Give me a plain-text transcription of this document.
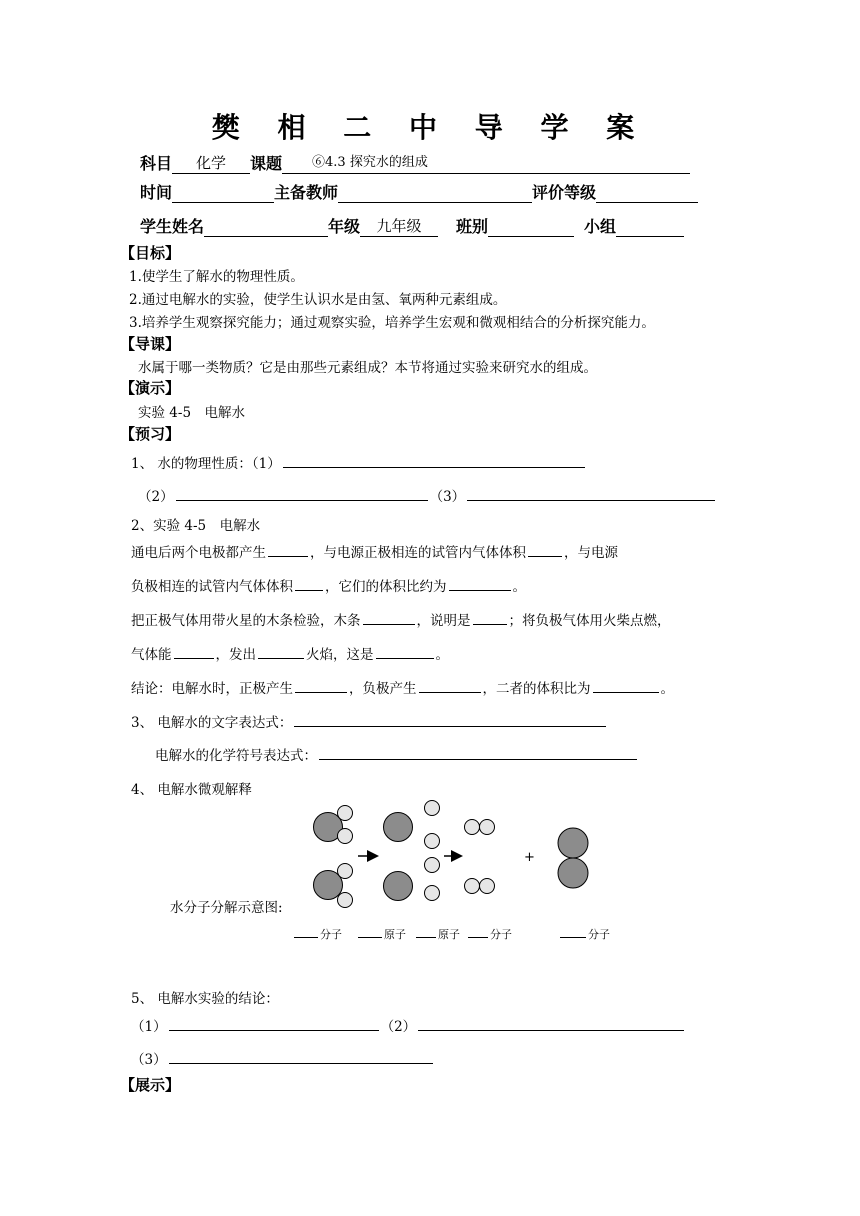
樊 相 二 中 导 学 案
科目 化学 课题 ⑥4.3 探究水的组成
时间	主备教师	评价等级
学生姓名	年级 九年级 班别	小组
【目标】
1.使学生了解水的物理性质。
2.通过电解水的实验，使学生认识水是由氢、氧两种元素组成。
3.培养学生观察探究能力；通过观察实验，培养学生宏观和微观相结合的分析探究能力。
【导课】
水属于哪一类物质？它是由那些元素组成？本节将通过实验来研究水的组成。
【演示】
实验 4-5　电解水
【预习】
1、 水的物理性质：（1）
（2）	（3）
2、实验 4-5　电解水
通电后两个电极都产生	，与电源正极相连的试管内气体体积	，与电源
负极相连的试管内气体体积 ，它们的体积比约为	。
把正极气体用带火星的木条检验，木条	，说明是	；将负极气体用火柴点燃，
气体能	，发出	火焰，这是	。
结论：电解水时，正极产生	，负极产生	，二者的体积比为	。
3、 电解水的文字表达式：
电解水的化学符号表达式：
4、 电解水微观解释
+
水分子分解示意图:
分子	原子	原子	分子	分子
5、 电解水实验的结论：
（1）	（2）
（3）
【展示】
